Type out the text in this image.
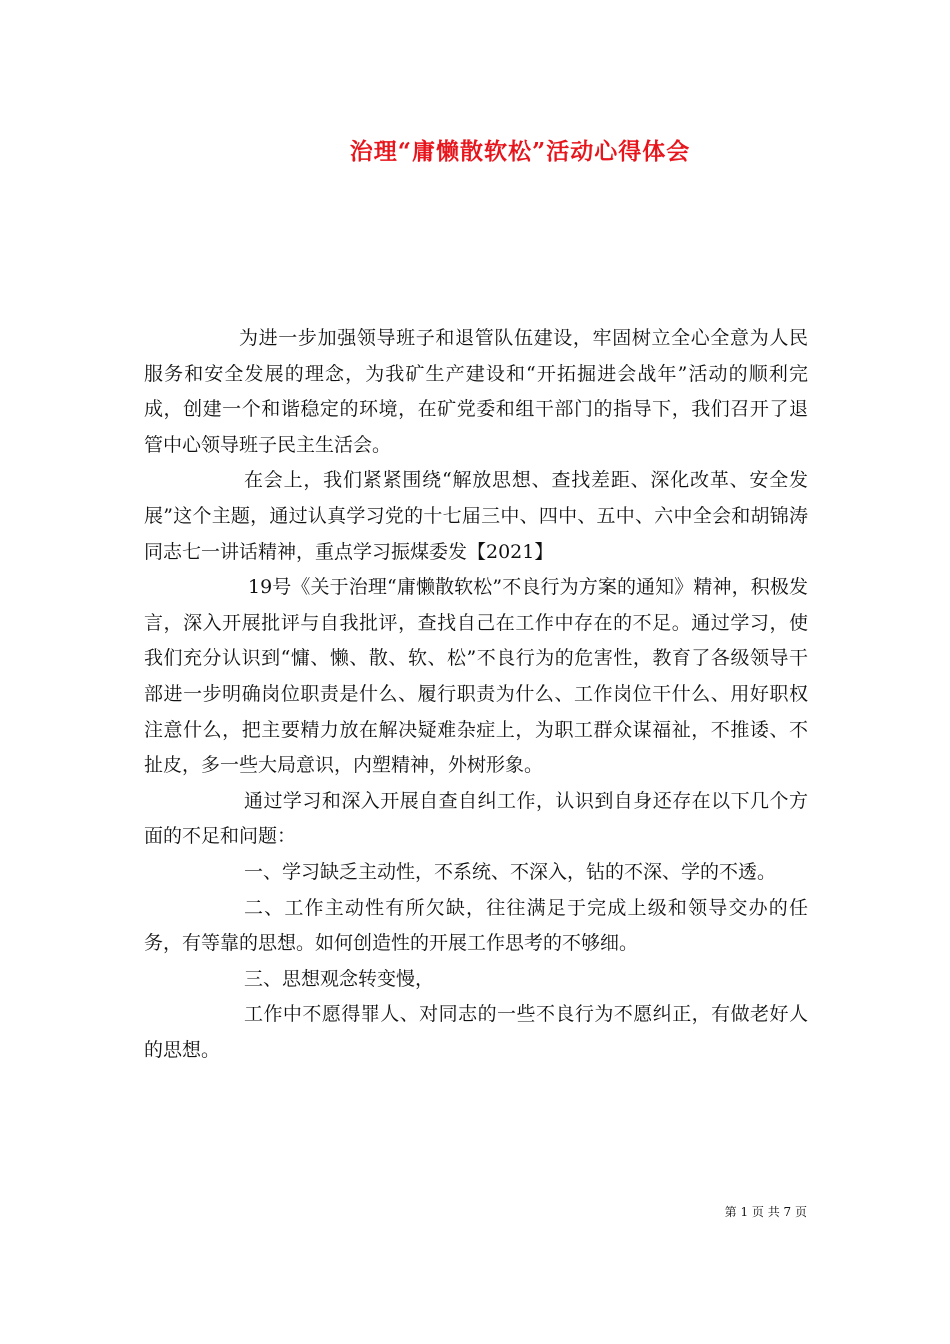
治理“庸懒散软松”活动心得体会

为进一步加强领导班子和退管队伍建设，牢固树立全心全意为人民服务和安全发展的理念，为我矿生产建设和“开拓掘进会战年”活动的顺利完成，创建一个和谐稳定的环境，在矿党委和组干部门的指导下，我们召开了退管中心领导班子民主生活会。

在会上，我们紧紧围绕“解放思想、查找差距、深化改革、安全发展”这个主题，通过认真学习党的十七届三中、四中、五中、六中全会和胡锦涛同志七一讲话精神，重点学习振煤委发【2021】

19号《关于治理“庸懒散软松”不良行为方案的通知》精神，积极发言，深入开展批评与自我批评，查找自己在工作中存在的不足。通过学习，使我们充分认识到“慵、懒、散、软、松”不良行为的危害性，教育了各级领导干部进一步明确岗位职责是什么、履行职责为什么、工作岗位干什么、用好职权注意什么，把主要精力放在解决疑难杂症上，为职工群众谋福祉，不推诿、不扯皮，多一些大局意识，内塑精神，外树形象。

通过学习和深入开展自查自纠工作，认识到自身还存在以下几个方面的不足和问题：

一、学习缺乏主动性，不系统、不深入，钻的不深、学的不透。

二、工作主动性有所欠缺，往往满足于完成上级和领导交办的任务，有等靠的思想。如何创造性的开展工作思考的不够细。

三、思想观念转变慢，

工作中不愿得罪人、对同志的一些不良行为不愿纠正，有做老好人的思想。

第 1 页 共 7 页
